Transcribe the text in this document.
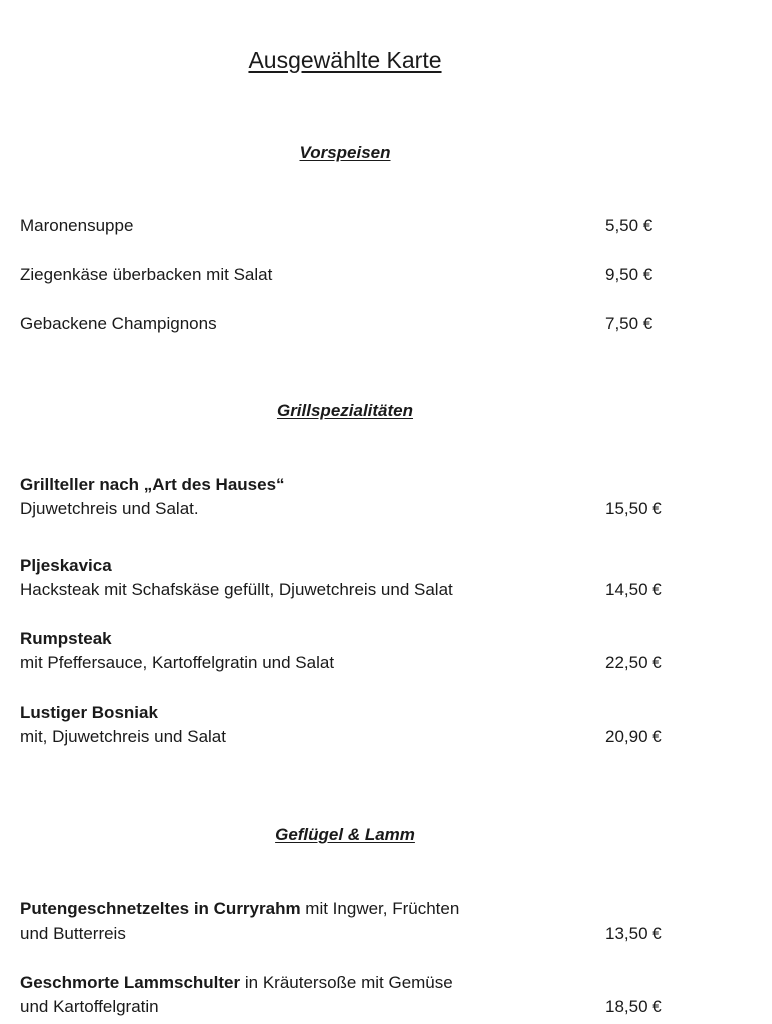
Ausgewählte Karte
Vorspeisen
Maronensuppe	5,50 €
Ziegenkäse überbacken mit Salat	9,50 €
Gebackene Champignons	7,50 €
Grillspezialitäten
Grillteller nach „Art des Hauses“
Djuwetchreis und Salat.	15,50 €
Pljeskavica
Hacksteak mit Schafskäse gefüllt, Djuwetchreis und Salat	14,50 €
Rumpsteak
mit Pfeffersauce, Kartoffelgratin und Salat	22,50 €
Lustiger Bosniak
mit, Djuwetchreis und Salat	20,90 €
Geflügel & Lamm
Putengeschnetzeltes in Curryrahm mit Ingwer, Früchten
und Butterreis	13,50 €
Geschmorte Lammschulter in Kräutersoße mit Gemüse
und Kartoffelgratin	18,50 €
